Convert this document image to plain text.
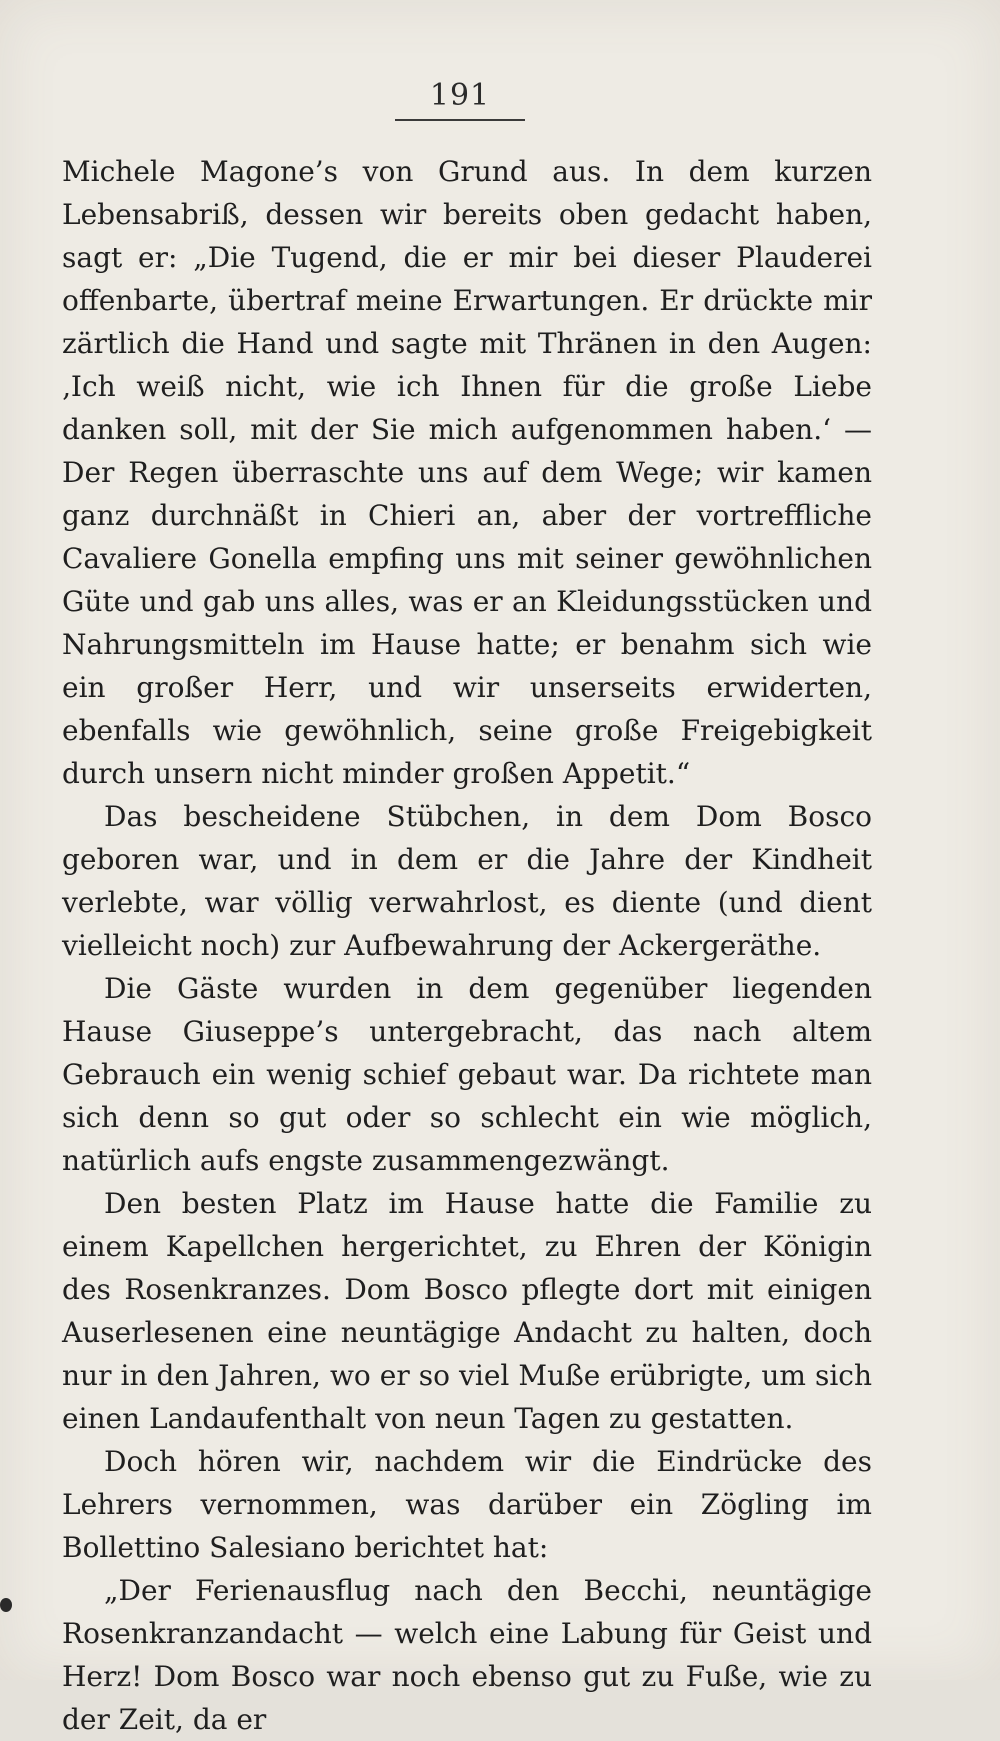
191

Michele Magone’s von Grund aus. In dem kurzen Lebensabriß, dessen wir bereits oben gedacht haben, sagt er: „Die Tugend, die er mir bei dieser Plauderei offenbarte, übertraf meine Erwartungen. Er drückte mir zärtlich die Hand und sagte mit Thränen in den Augen: ‚Ich weiß nicht, wie ich Ihnen für die große Liebe danken soll, mit der Sie mich aufgenommen haben.‘ — Der Regen überraschte uns auf dem Wege; wir kamen ganz durchnäßt in Chieri an, aber der vortreffliche Cavaliere Gonella empfing uns mit seiner gewöhnlichen Güte und gab uns alles, was er an Kleidungsstücken und Nahrungsmitteln im Hause hatte; er benahm sich wie ein großer Herr, und wir unserseits erwiderten, ebenfalls wie gewöhnlich, seine große Freigebigkeit durch unsern nicht minder großen Appetit.“

Das bescheidene Stübchen, in dem Dom Bosco geboren war, und in dem er die Jahre der Kindheit verlebte, war völlig verwahrlost, es diente (und dient vielleicht noch) zur Aufbewahrung der Ackergeräthe.

Die Gäste wurden in dem gegenüber liegenden Hause Giuseppe’s untergebracht, das nach altem Gebrauch ein wenig schief gebaut war. Da richtete man sich denn so gut oder so schlecht ein wie möglich, natürlich aufs engste zusammengezwängt.

Den besten Platz im Hause hatte die Familie zu einem Kapellchen hergerichtet, zu Ehren der Königin des Rosenkranzes. Dom Bosco pflegte dort mit einigen Auserlesenen eine neuntägige Andacht zu halten, doch nur in den Jahren, wo er so viel Muße erübrigte, um sich einen Landaufenthalt von neun Tagen zu gestatten.

Doch hören wir, nachdem wir die Eindrücke des Lehrers vernommen, was darüber ein Zögling im Bollettino Salesiano berichtet hat:

„Der Ferienausflug nach den Becchi, neuntägige Rosenkranzandacht — welch eine Labung für Geist und Herz! Dom Bosco war noch ebenso gut zu Fuße, wie zu der Zeit, da er
